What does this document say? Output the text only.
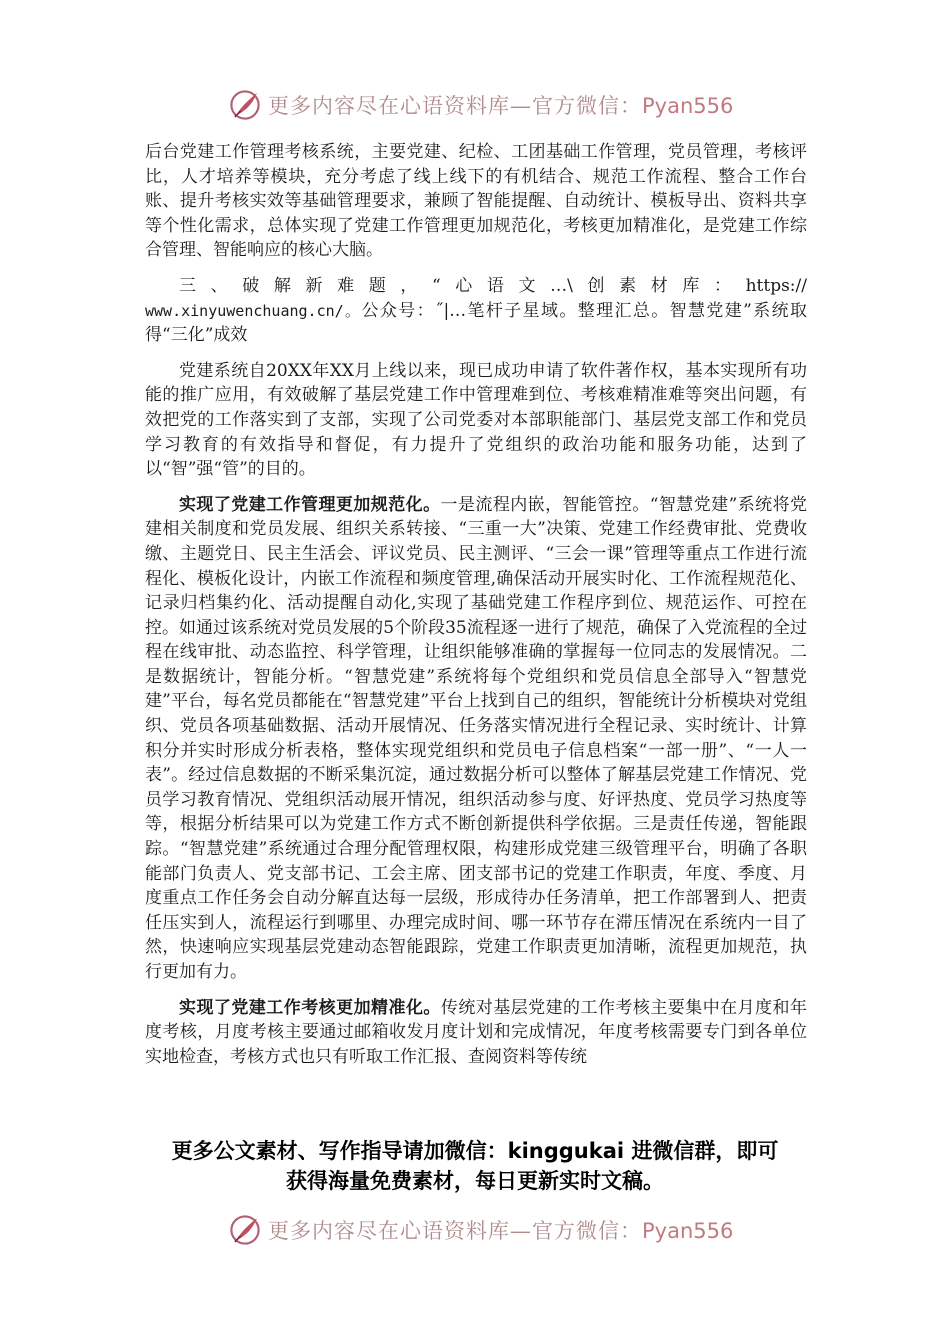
更多内容尽在心语资料库—官方微信：Pyan556

后台党建工作管理考核系统，主要党建、纪检、工团基础工作管理，党员管理，考核评比，人才培养等模块，充分考虑了线上线下的有机结合、规范工作流程、整合工作台账、提升考核实效等基础管理要求，兼顾了智能提醒、自动统计、模板导出、资料共享等个性化需求，总体实现了党建工作管理更加规范化，考核更加精准化，是党建工作综合管理、智能响应的核心大脑。

三、破解新难题，“心语文…\创素材库：https://

www.xinyuwenchuang.cn/。公众号：˝|…笔杆子星域。整理汇总。智慧党建”系统取得“三化”成效

党建系统自20XX年XX月上线以来，现已成功申请了软件著作权，基本实现所有功能的推广应用，有效破解了基层党建工作中管理难到位、考核难精准难等突出问题，有效把党的工作落实到了支部，实现了公司党委对本部职能部门、基层党支部工作和党员学习教育的有效指导和督促，有力提升了党组织的政治功能和服务功能，达到了以“智”强“管”的目的。

实现了党建工作管理更加规范化。一是流程内嵌，智能管控。“智慧党建”系统将党建相关制度和党员发展、组织关系转接、“三重一大”决策、党建工作经费审批、党费收缴、主题党日、民主生活会、评议党员、民主测评、“三会一课”管理等重点工作进行流程化、模板化设计，内嵌工作流程和频度管理,确保活动开展实时化、工作流程规范化、记录归档集约化、活动提醒自动化,实现了基础党建工作程序到位、规范运作、可控在控。如通过该系统对党员发展的5个阶段35流程逐一进行了规范，确保了入党流程的全过程在线审批、动态监控、科学管理，让组织能够准确的掌握每一位同志的发展情况。二是数据统计，智能分析。“智慧党建”系统将每个党组织和党员信息全部导入“智慧党建”平台，每名党员都能在“智慧党建”平台上找到自己的组织，智能统计分析模块对党组织、党员各项基础数据、活动开展情况、任务落实情况进行全程记录、实时统计、计算积分并实时形成分析表格，整体实现党组织和党员电子信息档案“一部一册”、“一人一表”。经过信息数据的不断采集沉淀，通过数据分析可以整体了解基层党建工作情况、党员学习教育情况、党组织活动展开情况，组织活动参与度、好评热度、党员学习热度等等，根据分析结果可以为党建工作方式不断创新提供科学依据。三是责任传递，智能跟踪。“智慧党建”系统通过合理分配管理权限，构建形成党建三级管理平台，明确了各职能部门负责人、党支部书记、工会主席、团支部书记的党建工作职责，年度、季度、月度重点工作任务会自动分解直达每一层级，形成待办任务清单，把工作部署到人、把责任压实到人，流程运行到哪里、办理完成时间、哪一环节存在滞压情况在系统内一目了然，快速响应实现基层党建动态智能跟踪，党建工作职责更加清晰，流程更加规范，执行更加有力。

实现了党建工作考核更加精准化。传统对基层党建的工作考核主要集中在月度和年度考核，月度考核主要通过邮箱收发月度计划和完成情况，年度考核需要专门到各单位实地检查，考核方式也只有听取工作汇报、查阅资料等传统

更多公文素材、写作指导请加微信：kinggukai 进微信群，即可
获得海量免费素材，每日更新实时文稿。
更多内容尽在心语资料库—官方微信：Pyan556
